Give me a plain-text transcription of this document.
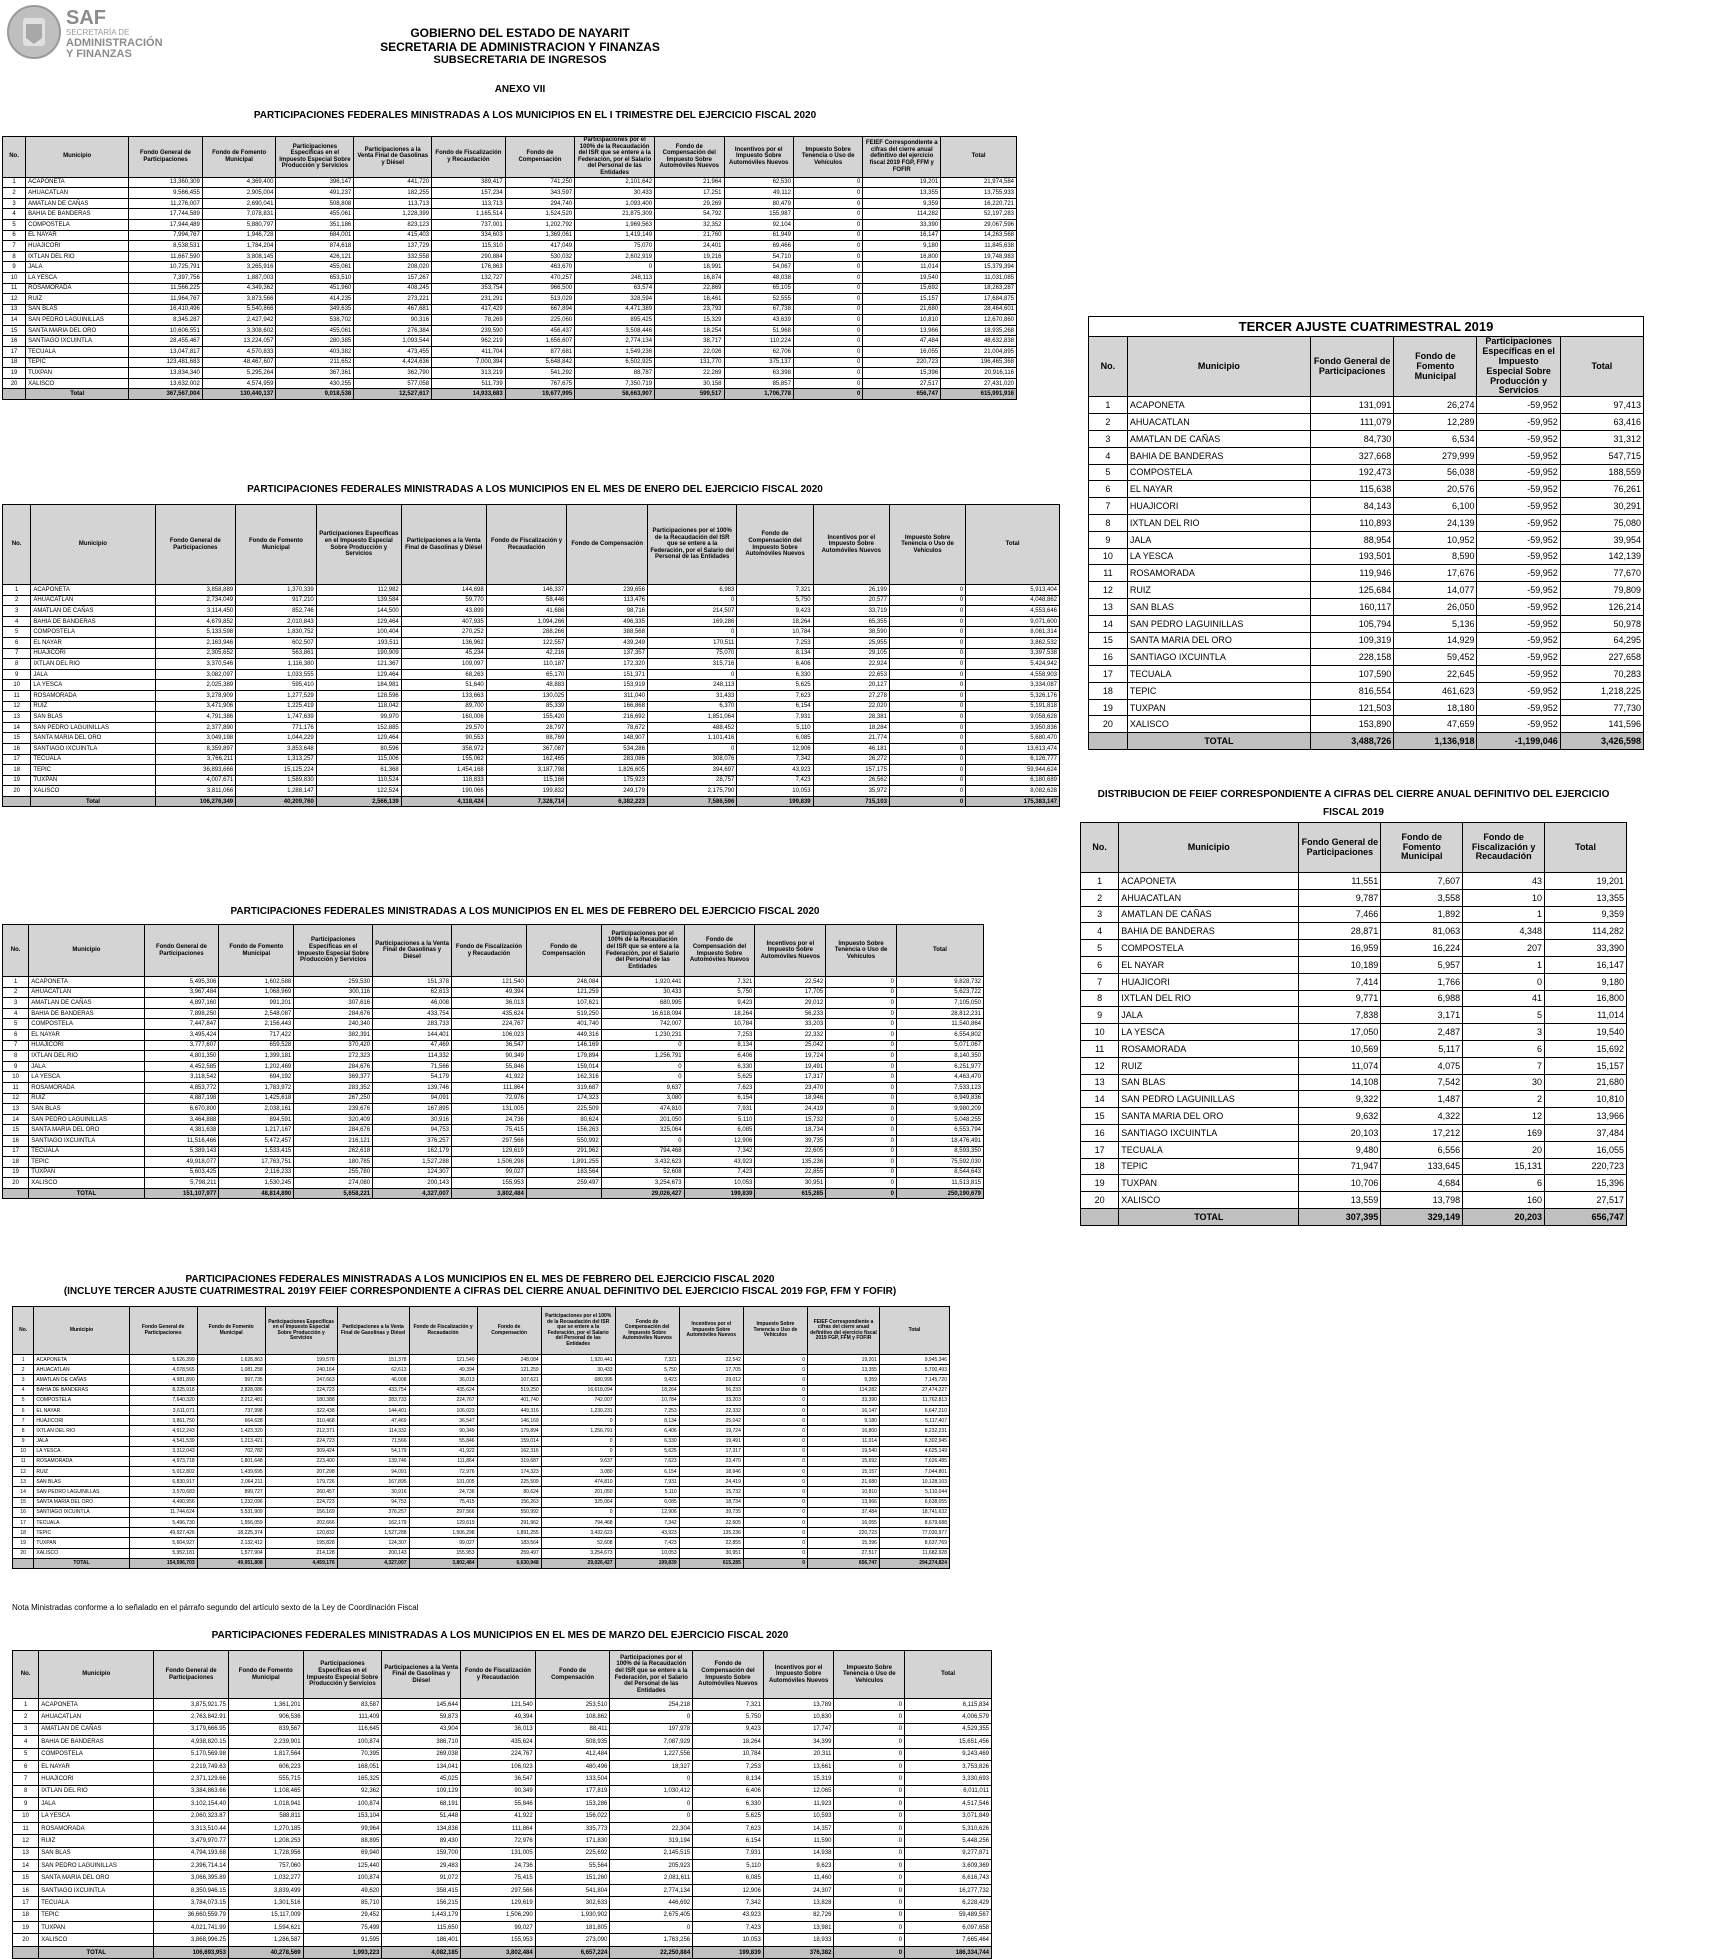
SAF
SECRETARÍA DE
ADMINISTRACIÓN
Y FINANZAS
GOBIERNO DEL ESTADO DE NAYARIT
SECRETARIA DE ADMINISTRACION Y FINANZAS
SUBSECRETARIA DE INGRESOS
ANEXO VII
PARTICIPACIONES FEDERALES MINISTRADAS A LOS MUNICIPIOS EN EL I TRIMESTRE DEL EJERCICIO FISCAL 2020
No.	Municipio	Fondo General de Participaciones	Fondo de Fomento Municipal	Participaciones Específicas en el Impuesto Especial Sobre Producción y Servicios	Participaciones a la Venta Final de Gasolinas y Diésel	Fondo de Fiscalización y Recaudación	Fondo de Compensación	Participaciones por el 100% de la Recaudación del ISR que se entere a la Federación, por el Salario del Personal de las Entidades	Fondo de Compensación del Impuesto Sobre Automóviles Nuevos	Incentivos por el Impuesto Sobre Automóviles Nuevos	Impuesto Sobre Tenencia o Uso de Vehículos	FEIEF Correspondiente a cifras del cierre anual definitivo del ejercicio fiscal 2019 FGP, FFM y FOFIR	Total
1	ACAPONETA	13,360,309	4,369,400	396,147	441,720	389,417	741,250	2,101,642	21,964	62,530	0	19,201	21,974,584
2	AHUACATLAN	9,566,455	2,905,004	491,237	182,255	157,234	343,597	30,433	17,251	49,112	0	13,355	13,755,933
3	AMATLAN DE CAÑAS	11,276,007	2,690,041	508,808	113,713	113,713	294,740	1,093,400	29,269	80,479	0	9,359	16,220,721
4	BAHIA DE BANDERAS	17,744,589	7,078,831	455,061	1,228,399	1,165,514	1,524,520	21,875,309	54,792	155,987	0	114,282	52,197,283
5	COMPOSTELA	17,944,489	5,880,797	351,186	823,123	737,001	1,202,792	1,969,563	32,352	92,104	0	33,390	29,067,596
6	EL NAYAR	7,994,767	1,946,728	684,001	415,403	334,603	1,369,061	1,419,149	21,760	61,949	0	16,147	14,263,568
7	HUAJICORI	8,538,531	1,784,204	874,618	137,729	115,310	417,049	75,070	24,401	69,466	0	9,180	11,845,638
8	IXTLAN DEL RIO	11,667,590	3,808,145	426,121	332,558	290,884	530,032	2,602,919	19,216	54,710	0	16,800	19,748,983
9	JALA	10,725,791	3,265,916	455,061	208,020	176,863	463,670	0	18,991	54,067	0	11,014	15,379,394
10	LA YESCA	7,397,756	1,887,003	653,510	157,267	132,727	470,257	248,113	16,874	48,038	0	19,540	11,031,085
11	ROSAMORADA	11,566,225	4,349,362	451,960	408,245	353,754	966,500	63,574	22,869	65,105	0	15,692	18,263,287
12	RUIZ	11,964,767	3,873,566	414,235	273,221	231,291	513,029	328,594	18,461	52,555	0	15,157	17,684,875
13	SAN BLAS	16,410,496	5,540,866	349,635	467,681	417,429	667,894	4,471,389	23,793	67,738	0	21,680	28,464,601
14	SAN PEDRO LAGUINILLAS	8,345,287	2,427,942	538,702	90,316	78,269	225,060	895,425	15,329	43,639	0	10,810	12,670,860
15	SANTA MARIA DEL ORO	10,606,551	3,308,602	455,061	276,384	239,590	456,437	3,508,446	18,254	51,968	0	13,966	18,935,268
16	SANTIAGO IXCUINTLA	28,455,467	13,224,057	280,385	1,093,544	962,219	1,656,607	2,774,134	38,717	110,224	0	47,484	48,632,838
17	TECUALA	13,047,817	4,570,833	403,382	473,455	411,704	877,681	1,549,236	22,026	62,706	0	16,055	21,004,895
18	TEPIC	123,481,683	48,467,607	211,652	4,424,636	7,000,394	5,648,842	6,502,925	131,770	375,137	0	220,723	196,465,368
19	TUXPAN	13,834,340	5,295,264	367,361	362,790	313,219	541,292	88,787	22,269	63,398	0	15,396	20,916,116
20	XALISCO	13,632,002	4,574,959	430,255	577,058	511,739	767,675	7,350,719	30,158	85,857	0	27,517	27,431,020
	Total	367,567,004	130,440,137	9,018,538	12,527,617	14,933,683	19,677,995	58,663,907	599,517	1,706,778	0	656,747	615,991,916
PARTICIPACIONES FEDERALES MINISTRADAS A LOS MUNICIPIOS EN EL MES DE ENERO DEL EJERCICIO FISCAL 2020
No.	Municipio	Fondo General de Participaciones	Fondo de Fomento Municipal	Participaciones Específicas en el Impuesto Especial Sobre Producción y Servicios	Participaciones a la Venta Final de Gasolinas y Diésel	Fondo de Fiscalización y Recaudación	Fondo de Compensación	Participaciones por el 100% de la Recaudación del ISR que se entere a la Federación, por el Salario del Personal de las Entidades	Fondo de Compensación del Impuesto Sobre Automóviles Nuevos	Incentivos por el Impuesto Sobre Automóviles Nuevos	Impuesto Sobre Tenencia o Uso de Vehículos	Total
1	ACAPONETA	3,858,889	1,370,339	112,982	144,698	146,337	239,656	6,983	7,321	26,199	0	5,913,404
2	AHUACATLAN	2,734,049	917,210	139,584	59,770	58,446	113,476	0	5,750	20,577	0	4,048,862
3	AMATLAN DE CAÑAS	3,114,450	852,746	144,500	43,899	41,686	98,716	214,507	9,423	33,719	0	4,553,646
4	BAHIA DE BANDERAS	4,679,852	2,010,843	129,464	407,935	1,094,266	496,335	169,286	18,264	65,355	0	9,071,600
5	COMPOSTELA	5,133,598	1,830,752	100,404	270,252	288,266	388,568	0	10,784	38,590	0	8,061,314
6	EL NAYAR	2,163,946	602,507	193,511	136,962	122,557	439,249	170,511	7,253	25,955	0	3,862,532
7	HUAJICORI	2,305,652	563,861	190,909	45,234	42,216	137,357	75,070	8,134	29,105	0	3,397,538
8	IXTLAN DEL RIO	3,370,546	1,116,380	121,367	109,097	110,187	172,320	315,716	6,406	22,924	0	5,424,942
9	JALA	3,082,097	1,033,555	129,464	68,263	65,170	151,371	0	6,330	22,653	0	4,558,903
10	LA YESCA	2,025,389	595,410	184,981	51,640	48,883	153,919	248,113	5,625	20,127	0	3,334,087
11	ROSAMORADA	3,278,909	1,277,529	128,596	133,663	130,025	311,040	31,433	7,623	27,278	0	5,326,176
12	RUIZ	3,471,906	1,225,419	118,042	89,700	85,339	166,868	6,370	6,154	22,020	0	5,191,818
13	SAN BLAS	4,791,386	1,747,639	99,970	160,006	155,420	216,692	1,851,064	7,931	28,381	0	9,058,628
14	SAN PEDRO LAGUINILLAS	2,377,890	771,176	152,885	29,570	28,797	78,672	488,452	5,110	18,284	0	3,950,836
15	SANTA MARIA DEL ORO	3,049,198	1,044,229	129,464	90,553	88,769	148,907	1,101,416	6,085	21,774	0	5,680,470
16	SANTIAGO IXCUINTLA	8,359,897	3,853,648	80,596	358,972	367,087	534,286	0	12,906	46,181	0	13,613,474
17	TECUALA	3,766,211	1,313,257	115,006	155,062	162,465	283,086	308,076	7,342	26,272	0	6,126,777
18	TEPIC	36,893,666	15,125,224	61,368	1,454,168	3,187,798	1,826,605	394,697	43,923	157,175	0	59,944,624
19	TUXPAN	4,007,671	1,589,830	110,524	118,833	115,166	175,923	28,757	7,423	26,562	0	6,180,689
20	XALISCO	3,811,066	1,288,147	122,524	190,066	199,832	249,179	2,175,790	10,053	35,972	0	8,082,628
	Total	106,276,349	40,209,760	2,566,139	4,118,424	7,328,714	6,382,223	7,586,596	199,839	715,103	0	175,383,147
PARTICIPACIONES FEDERALES MINISTRADAS A LOS MUNICIPIOS EN EL MES DE FEBRERO DEL EJERCICIO FISCAL 2020
No.	Municipio	Fondo General de Participaciones	Fondo de Fomento Municipal	Participaciones Específicas en el Impuesto Especial Sobre Producción y Servicios	Participaciones a la Venta Final de Gasolinas y Diésel	Fondo de Fiscalización y Recaudación	Fondo de Compensación	Participaciones por el 100% de la Recaudación del ISR que se entere a la Federación, por el Salario del Personal de las Entidades	Fondo de Compensación del Impuesto Sobre Automóviles Nuevos	Incentivos por el Impuesto Sobre Automóviles Nuevos	Impuesto Sobre Tenencia o Uso de Vehículos	Total
1	ACAPONETA	5,495,306	1,602,588	259,530	151,378	121,540	248,084	1,920,441	7,321	22,542	0	9,828,732
2	AHUACATLAN	3,967,484	1,068,969	300,116	62,613	49,394	121,259	30,433	5,750	17,705	0	5,623,722
3	AMATLAN DE CAÑAS	4,897,160	991,201	307,616	46,008	36,013	107,621	680,995	9,423	29,012	0	7,105,050
4	BAHIA DE BANDERAS	7,898,250	2,548,087	284,676	433,754	435,624	519,250	16,618,094	18,264	56,233	0	28,812,231
5	COMPOSTELA	7,447,847	2,156,443	240,340	283,733	224,767	401,740	742,007	10,784	33,203	0	11,540,864
6	EL NAYAR	3,495,424	717,422	382,391	144,401	106,023	449,316	1,230,231	7,253	22,332	0	6,554,802
7	HUAJICORI	3,777,607	659,528	370,420	47,469	36,547	146,169	0	8,134	25,042	0	5,071,067
8	IXTLAN DEL RIO	4,801,350	1,399,181	272,323	114,332	90,349	179,894	1,256,791	6,406	19,724	0	8,140,350
9	JALA	4,452,585	1,202,469	284,676	71,566	55,846	159,014	0	6,330	19,491	0	6,251,977
10	LA YESCA	3,118,542	694,192	369,377	54,179	41,922	162,316	0	5,625	17,317	0	4,463,470
11	ROSAMORADA	4,853,772	1,783,972	283,352	139,746	111,864	319,687	9,637	7,623	23,470	0	7,533,123
12	RUIZ	4,887,198	1,425,618	267,250	94,091	72,976	174,323	3,080	6,154	18,946	0	6,949,836
13	SAN BLAS	6,670,800	2,038,161	239,676	167,895	131,005	225,509	474,810	7,931	24,419	0	9,980,209
14	SAN PEDRO LAGUINILLAS	3,464,888	894,591	320,409	30,916	24,736	80,624	201,050	5,110	15,732	0	5,048,255
15	SANTA MARIA DEL ORO	4,381,638	1,217,167	284,676	94,753	75,415	156,263	325,064	6,085	18,734	0	6,553,794
16	SANTIAGO IXCUINTLA	11,516,466	5,472,457	216,121	376,257	297,566	550,992	0	12,906	39,735	0	18,476,491
17	TECUALA	5,389,143	1,533,415	262,618	162,179	129,619	291,962	794,468	7,342	22,605	0	8,593,350
18	TEPIC	49,918,077	17,763,751	180,785	1,527,288	1,506,298	1,891,255	3,432,623	43,923	135,236	0	75,592,030
19	TUXPAN	5,603,425	2,116,233	255,780	124,307	99,027	183,564	52,608	7,423	22,855	0	8,544,643
20	XALISCO	5,798,211	1,530,245	274,080	200,143	155,953	259,497	3,254,673	10,053	30,951	0	11,513,815
	TOTAL	151,107,977	48,814,890	5,658,221	4,327,007	3,802,484		29,026,427	199,839	615,285	0	250,190,679
PARTICIPACIONES FEDERALES MINISTRADAS A LOS MUNICIPIOS EN EL MES DE FEBRERO DEL EJERCICIO FISCAL 2020
(INCLUYE TERCER AJUSTE CUATRIMESTRAL 2019Y FEIEF CORRESPONDIENTE A CIFRAS DEL CIERRE ANUAL DEFINITIVO DEL EJERCICIO FISCAL 2019 FGP, FFM Y FOFIR)
No.	Municipio	Fondo General de Participaciones	Fondo de Fomento Municipal	Participaciones Específicas en el Impuesto Especial Sobre Producción y Servicios	Participaciones a la Venta Final de Gasolinas y Diésel	Fondo de Fiscalización y Recaudación	Fondo de Compensación	Participaciones por el 100% de la Recaudación del ISR que se entere a la Federación, por el Salario del Personal de las Entidades	Fondo de Compensación del Impuesto Sobre Automóviles Nuevos	Incentivos por el Impuesto Sobre Automóviles Nuevos	Impuesto Sobre Tenencia o Uso de Vehículos	FEIEF Correspondiente a cifras del cierre anual definitivo del ejercicio fiscal 2019 FGP, FFM y FOFIR	Total
1	ACAPONETA	5,626,399	1,628,863	199,578	151,378	121,540	248,084	1,920,441	7,321	22,542	0	19,201	9,945,346
2	AHUACATLAN	4,078,565	1,081,258	240,164	62,613	49,394	121,259	30,433	5,750	17,705	0	13,355	5,700,493
3	AMATLAN DE CAÑAS	4,981,890	997,735	247,663	46,008	36,013	107,621	680,995	9,423	29,012	0	9,359	7,145,720
4	BAHIA DE BANDERAS	8,225,918	2,828,086	224,723	433,754	435,624	519,250	16,618,094	18,264	56,233	0	114,282	27,474,227
5	COMPOSTELA	7,640,320	2,212,481	180,388	283,733	224,767	401,740	742,007	10,784	33,203	0	33,390	11,762,813
6	EL NAYAR	3,611,071	737,998	322,438	144,401	106,023	449,316	1,230,231	7,253	22,332	0	16,147	6,647,210
7	HUAJICORI	3,861,750	664,628	310,468	47,469	36,547	146,169	0	8,134	25,042	0	9,180	5,117,407
8	IXTLAN DEL RIO	4,912,243	1,423,320	212,371	114,332	90,349	179,894	1,256,791	6,406	19,724	0	16,800	8,232,231
9	JALA	4,541,539	1,213,421	224,723	71,566	55,846	159,014	0	6,330	19,491	0	11,014	6,302,945
10	LA YESCA	3,312,043	702,782	309,424	54,179	41,922	162,316	0	5,625	17,317	0	19,540	4,625,149
11	ROSAMORADA	4,973,718	1,801,648	223,400	139,746	111,864	319,687	9,637	7,623	23,470	0	15,692	7,626,485
12	RUIZ	5,012,802	1,439,695	207,298	94,091	72,976	174,323	3,080	6,154	18,946	0	15,157	7,044,801
13	SAN BLAS	6,830,917	2,064,211	179,726	167,895	131,005	225,509	474,810	7,931	24,419	0	21,680	10,128,103
14	SAN PEDRO LAGUINILLAS	3,570,683	899,727	260,457	30,916	24,736	80,624	201,050	5,110	15,732	0	10,810	5,110,044
15	SANTA MARIA DEL ORO	4,490,956	1,232,096	224,723	94,753	75,415	156,263	325,064	6,085	18,734	0	13,966	6,638,055
16	SANTIAGO IXCUINTLA	11,744,624	5,531,909	156,169	376,257	297,566	550,992	0	12,906	39,735	0	37,484	18,741,632
17	TECUALA	5,496,730	1,556,059	202,666	162,179	129,619	291,962	794,468	7,342	22,605	0	16,055	8,679,688
18	TEPIC	49,927,426	18,225,374	120,832	1,527,288	1,506,298	1,891,255	3,432,623	43,923	135,236	0	220,723	77,030,977
19	TUXPAN	5,604,927	2,132,412	195,828	124,307	99,027	183,564	52,608	7,423	22,855	0	15,396	8,637,769
20	XALISCO	5,952,181	1,577,904	214,128	200,143	155,953	259,497	3,254,673	10,053	30,951	0	27,517	11,682,928
	TOTAL	154,596,703	49,951,808	4,459,176	4,327,007	3,802,484	6,630,948	29,026,427	199,839	615,285	0	656,747	294,274,824
Nota Ministradas conforme a lo señalado en el párrafo segundo del artículo sexto de la Ley de Coordinación Fiscal
PARTICIPACIONES FEDERALES MINISTRADAS A LOS MUNICIPIOS EN EL MES DE MARZO DEL EJERCICIO FISCAL 2020
No.	Municipio	Fondo General de Participaciones	Fondo de Fomento Municipal	Participaciones Específicas en el Impuesto Especial Sobre Producción y Servicios	Participaciones a la Venta Final de Gasolinas y Diésel	Fondo de Fiscalización y Recaudación	Fondo de Compensación	Participaciones por el 100% de la Recaudación del ISR que se entere a la Federación, por el Salario del Personal de las Entidades	Fondo de Compensación del Impuesto Sobre Automóviles Nuevos	Incentivos por el Impuesto Sobre Automóviles Nuevos	Impuesto Sobre Tenencia o Uso de Vehículos	Total
1	ACAPONETA	3,875,921.75	1,361,201	83,587	145,644	121,540	253,510	254,218	7,321	13,789	0	6,115,834
2	AHUACATLAN	2,763,842.91	906,536	111,409	59,873	49,394	108,862	0	5,750	10,830	0	4,006,579
3	AMATLAN DE CAÑAS	3,179,666.95	839,567	116,645	43,904	36,013	88,411	197,978	9,423	17,747	0	4,529,355
4	BAHIA DE BANDERAS	4,938,820.15	2,239,901	100,874	386,710	435,624	508,935	7,087,929	18,264	34,399	0	15,651,456
5	COMPOSTELA	5,170,569.98	1,817,564	70,395	269,038	224,767	412,484	1,227,556	10,784	20,311	0	9,243,469
6	EL NAYAR	2,219,749.63	606,223	168,051	134,041	106,023	480,496	18,327	7,253	13,661	0	3,753,826
7	HUAJICORI	2,371,129.66	555,715	165,325	45,025	36,547	133,504	0	8,134	15,319	0	3,330,693
8	IXTLAN DEL RIO	3,384,863.66	1,108,465	92,362	109,129	90,349	177,819	1,030,412	6,406	12,065	0	6,011,011
9	JALA	3,102,154.40	1,018,941	100,874	68,191	55,846	153,286	0	6,330	11,923	0	4,517,546
10	LA YESCA	2,060,323.87	588,811	153,104	51,448	41,922	156,022	0	5,625	10,593	0	3,071,849
11	ROSAMORADA	3,313,510.44	1,270,185	99,964	134,836	111,864	335,773	22,304	7,623	14,357	0	5,310,626
12	RUIZ	3,479,970.77	1,208,253	88,895	89,430	72,976	171,830	319,194	6,154	11,590	0	5,448,256
13	SAN BLAS	4,794,193.68	1,728,956	69,940	159,700	131,005	225,692	2,145,515	7,931	14,938	0	9,277,871
14	SAN PEDRO LAGUINILLAS	2,396,714.14	757,060	125,440	29,483	24,736	55,564	205,923	5,110	9,623	0	3,609,369
15	SANTA MARIA DEL ORO	3,066,395.89	1,032,277	100,874	91,072	75,415	151,260	2,081,611	6,085	11,460	0	6,616,743
16	SANTIAGO IXCUINTLA	8,350,946.15	3,839,499	49,620	358,415	297,566	541,804	2,774,134	12,906	24,307	0	16,277,732
17	TECUALA	3,784,073.15	1,301,516	85,710	156,215	129,619	302,633	446,692	7,342	13,828	0	6,228,429
18	TEPIC	36,660,559.79	15,117,009	29,452	1,443,179	1,506,290	1,930,902	2,675,405	43,923	82,726	0	59,489,567
19	TUXPAN	4,021,741.99	1,594,621	75,499	115,650	99,027	181,805	0	7,423	13,981	0	6,097,658
20	XALISCO	3,868,996.25	1,286,587	91,595	186,401	155,953	273,090	1,763,256	10,053	18,933	0	7,665,464
	TOTAL	106,693,953	40,278,569	1,993,223	4,082,185	3,802,484	6,657,224	22,250,884	199,839	376,382	0	186,334,744
TERCER AJUSTE CUATRIMESTRAL 2019
No.	Municipio	Fondo General de Participaciones	Fondo de Fomento Municipal	Participaciones Específicas en el Impuesto Especial Sobre Producción y Servicios	Total
1	ACAPONETA	131,091	26,274	-59,952	97,413
2	AHUACATLAN	111,079	12,289	-59,952	63,416
3	AMATLAN DE CAÑAS	84,730	6,534	-59,952	31,312
4	BAHIA DE BANDERAS	327,668	279,999	-59,952	547,715
5	COMPOSTELA	192,473	56,038	-59,952	188,559
6	EL NAYAR	115,638	20,576	-59,952	76,261
7	HUAJICORI	84,143	6,100	-59,952	30,291
8	IXTLAN DEL RIO	110,893	24,139	-59,952	75,080
9	JALA	88,954	10,952	-59,952	39,954
10	LA YESCA	193,501	8,590	-59,952	142,139
11	ROSAMORADA	119,946	17,676	-59,952	77,670
12	RUIZ	125,684	14,077	-59,952	79,809
13	SAN BLAS	160,117	26,050	-59,952	126,214
14	SAN PEDRO LAGUINILLAS	105,794	5,136	-59,952	50,978
15	SANTA MARIA DEL ORO	109,319	14,929	-59,952	64,295
16	SANTIAGO IXCUINTLA	228,158	59,452	-59,952	227,658
17	TECUALA	107,590	22,645	-59,952	70,283
18	TEPIC	816,554	461,623	-59,952	1,218,225
19	TUXPAN	121,503	18,180	-59,952	77,730
20	XALISCO	153,890	47,659	-59,952	141,596
	TOTAL	3,488,726	1,136,918	-1,199,046	3,426,598
DISTRIBUCION DE FEIEF CORRESPONDIENTE A CIFRAS DEL CIERRE ANUAL DEFINITIVO DEL EJERCICIO FISCAL 2019
No.	Municipio	Fondo General de Participaciones	Fondo de Fomento Municipal	Fondo de Fiscalización y Recaudación	Total
1	ACAPONETA	11,551	7,607	43	19,201
2	AHUACATLAN	9,787	3,558	10	13,355
3	AMATLAN DE CAÑAS	7,466	1,892	1	9,359
4	BAHIA DE BANDERAS	28,871	81,063	4,348	114,282
5	COMPOSTELA	16,959	16,224	207	33,390
6	EL NAYAR	10,189	5,957	1	16,147
7	HUAJICORI	7,414	1,766	0	9,180
8	IXTLAN DEL RIO	9,771	6,988	41	16,800
9	JALA	7,838	3,171	5	11,014
10	LA YESCA	17,050	2,487	3	19,540
11	ROSAMORADA	10,569	5,117	6	15,692
12	RUIZ	11,074	4,075	7	15,157
13	SAN BLAS	14,108	7,542	30	21,680
14	SAN PEDRO LAGUINILLAS	9,322	1,487	2	10,810
15	SANTA MARIA DEL ORO	9,632	4,322	12	13,966
16	SANTIAGO IXCUINTLA	20,103	17,212	169	37,484
17	TECUALA	9,480	6,556	20	16,055
18	TEPIC	71,947	133,645	15,131	220,723
19	TUXPAN	10,706	4,684	6	15,396
20	XALISCO	13,559	13,798	160	27,517
	TOTAL	307,395	329,149	20,203	656,747
